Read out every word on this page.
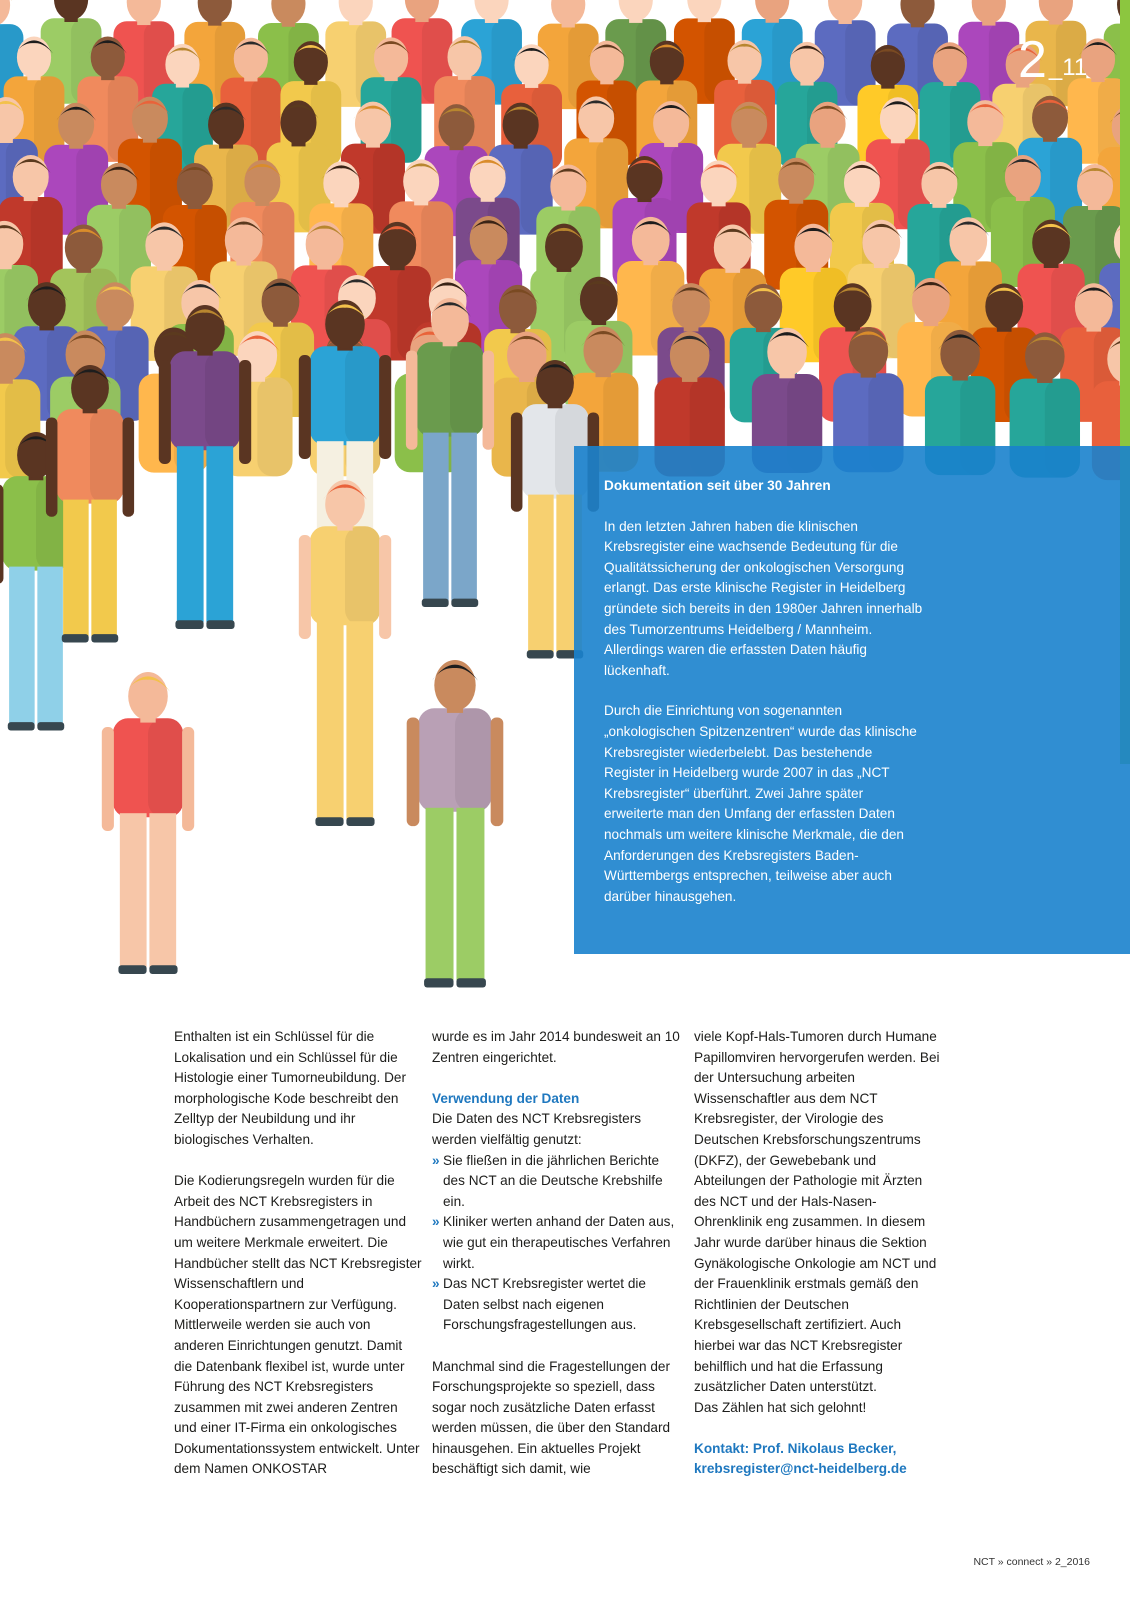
2_11
Dokumentation seit über 30 Jahren

In den letzten Jahren haben die klinischen Krebsregister eine wachsende Bedeutung für die Qualitätssicherung der onkologischen Versorgung erlangt. Das erste klinische Register in Heidelberg gründete sich bereits in den 1980er Jahren innerhalb des Tumorzentrums Heidelberg / Mannheim. Allerdings waren die erfassten Daten häufig lückenhaft.

Durch die Einrichtung von sogenannten „onkologischen Spitzenzentren“ wurde das klinische Krebsregister wiederbelebt. Das bestehende Register in Heidelberg wurde 2007 in das „NCT Krebsregister“ überführt. Zwei Jahre später erweiterte man den Umfang der erfassten Daten nochmals um weitere klinische Merkmale, die den Anforderungen des Krebsregisters Baden-Württembergs entsprechen, teilweise aber auch darüber hinausgehen.

Enthalten ist ein Schlüssel für die Lokalisation und ein Schlüssel für die Histologie einer Tumorneubildung. Der morphologische Kode beschreibt den Zelltyp der Neubildung und ihr biologisches Verhalten.

Die Kodierungsregeln wurden für die Arbeit des NCT Krebsregisters in Handbüchern zusammengetragen und um weitere Merkmale erweitert. Die Handbücher stellt das NCT Krebsregister Wissenschaftlern und Kooperationspartnern zur Verfügung. Mittlerweile werden sie auch von anderen Einrichtungen genutzt. Damit die Datenbank flexibel ist, wurde unter Führung des NCT Krebsregisters zusammen mit zwei anderen Zentren und einer IT-Firma ein onkologisches Dokumentationssystem entwickelt. Unter dem Namen ONKOSTAR

wurde es im Jahr 2014 bundesweit an 10 Zentren eingerichtet.

Verwendung der Daten
Die Daten des NCT Krebsregisters werden vielfältig genutzt:
» Sie fließen in die jährlichen Berichte des NCT an die Deutsche Krebshilfe ein.
» Kliniker werten anhand der Daten aus, wie gut ein therapeutisches Verfahren wirkt.
» Das NCT Krebsregister wertet die Daten selbst nach eigenen Forschungsfragestellungen aus.

Manchmal sind die Fragestellungen der Forschungsprojekte so speziell, dass sogar noch zusätzliche Daten erfasst werden müssen, die über den Standard hinausgehen. Ein aktuelles Projekt beschäftigt sich damit, wie

viele Kopf-Hals-Tumoren durch Humane Papillomviren hervorgerufen werden. Bei der Untersuchung arbeiten Wissenschaftler aus dem NCT Krebsregister, der Virologie des Deutschen Krebsforschungszentrums (DKFZ), der Gewebebank und Abteilungen der Pathologie mit Ärzten des NCT und der Hals-Nasen-Ohrenklinik eng zusammen. In diesem Jahr wurde darüber hinaus die Sektion Gynäkologische Onkologie am NCT und der Frauenklinik erstmals gemäß den Richtlinien der Deutschen Krebsgesellschaft zertifiziert. Auch hierbei war das NCT Krebsregister behilflich und hat die Erfassung zusätzlicher Daten unterstützt.

Das Zählen hat sich gelohnt!

Kontakt: Prof. Nikolaus Becker,
krebsregister@nct-heidelberg.de
NCT » connect » 2_2016
